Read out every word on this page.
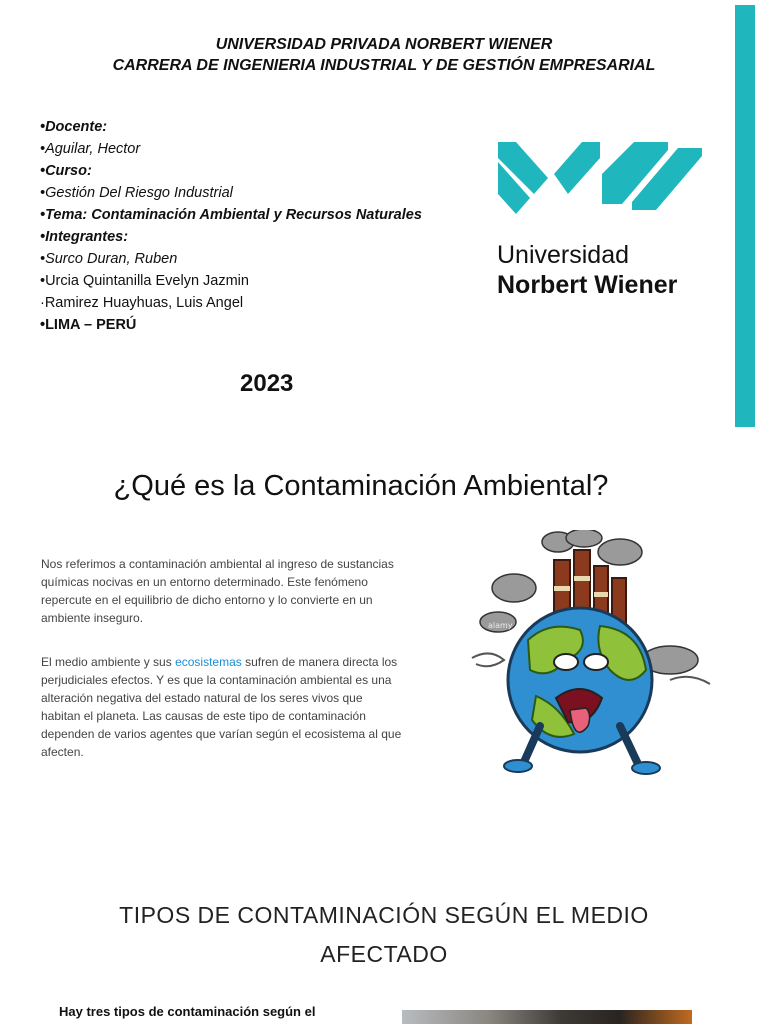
UNIVERSIDAD PRIVADA NORBERT WIENER
CARRERA DE INGENIERIA INDUSTRIAL Y DE GESTIÓN EMPRESARIAL
•Docente:
•Aguilar, Hector
•Curso:
•Gestión Del Riesgo Industrial
•Tema: Contaminación Ambiental y Recursos Naturales
•Integrantes:
•Surco Duran, Ruben
•Urcia Quintanilla Evelyn Jazmin
·Ramirez Huayhuas, Luis Angel
•LIMA – PERÚ
2023
Universidad
Norbert Wiener
¿Qué es la Contaminación Ambiental?
Nos referimos a contaminación ambiental al ingreso de sustancias químicas nocivas en un entorno determinado. Este fenómeno repercute en el equilibrio de dicho entorno y lo convierte en un ambiente inseguro.
El medio ambiente y sus ecosistemas sufren de manera directa los perjudiciales efectos. Y es que la contaminación ambiental es una alteración negativa del estado natural de los seres vivos que habitan el planeta. Las causas de este tipo de contaminación dependen de varios agentes que varían según el ecosistema al que afecten.
alamy
TIPOS DE CONTAMINACIÓN SEGÚN EL MEDIO AFECTADO
Hay tres tipos de contaminación según el
